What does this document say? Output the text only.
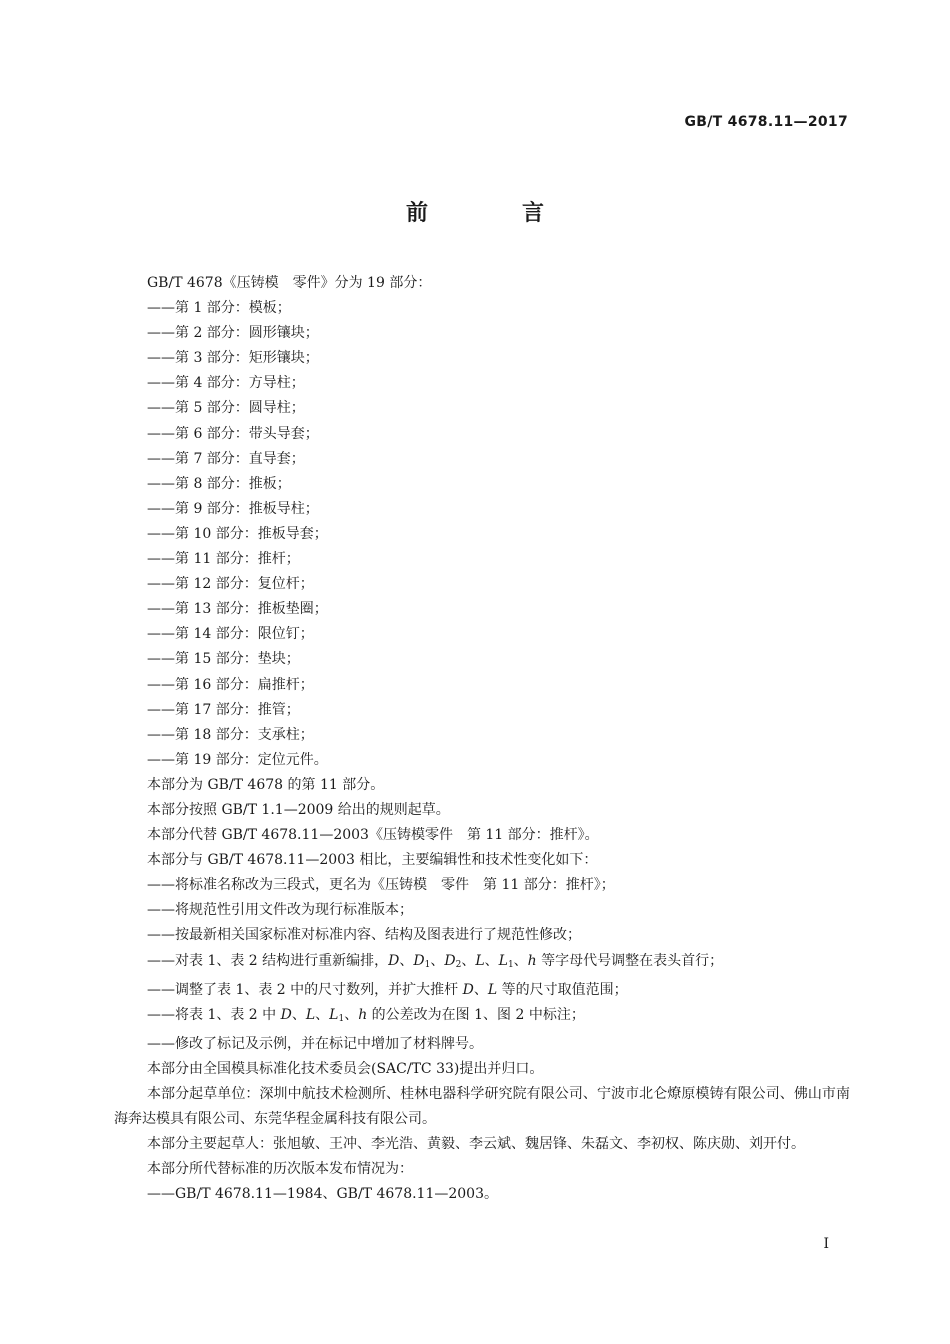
GB/T 4678.11—2017
前　言
GB/T 4678《压铸模　零件》分为 19 部分：
——第 1 部分：模板；
——第 2 部分：圆形镶块；
——第 3 部分：矩形镶块；
——第 4 部分：方导柱；
——第 5 部分：圆导柱；
——第 6 部分：带头导套；
——第 7 部分：直导套；
——第 8 部分：推板；
——第 9 部分：推板导柱；
——第 10 部分：推板导套；
——第 11 部分：推杆；
——第 12 部分：复位杆；
——第 13 部分：推板垫圈；
——第 14 部分：限位钉；
——第 15 部分：垫块；
——第 16 部分：扁推杆；
——第 17 部分：推管；
——第 18 部分：支承柱；
——第 19 部分：定位元件。
本部分为 GB/T 4678 的第 11 部分。
本部分按照 GB/T 1.1—2009 给出的规则起草。
本部分代替 GB/T 4678.11—2003《压铸模零件　第 11 部分：推杆》。
本部分与 GB/T 4678.11—2003 相比，主要编辑性和技术性变化如下：
——将标准名称改为三段式，更名为《压铸模　零件　第 11 部分：推杆》；
——将规范性引用文件改为现行标准版本；
——按最新相关国家标准对标准内容、结构及图表进行了规范性修改；
——对表 1、表 2 结构进行重新编排，D、$D_1$、$D_2$、L、$L_1$、h 等字母代号调整在表头首行；
——调整了表 1、表 2 中的尺寸数列，并扩大推杆 D、L 等的尺寸取值范围；
——将表 1、表 2 中 D、L、$L_1$、h 的公差改为在图 1、图 2 中标注；
——修改了标记及示例，并在标记中增加了材料牌号。
本部分由全国模具标准化技术委员会(SAC/TC 33)提出并归口。
本部分起草单位：深圳中航技术检测所、桂林电器科学研究院有限公司、宁波市北仑燎原模铸有限公司、佛山市南海奔达模具有限公司、东莞华程金属科技有限公司。
本部分主要起草人：张旭敏、王冲、李光浩、黄毅、李云斌、魏居锋、朱磊文、李初权、陈庆勋、刘开付。
本部分所代替标准的历次版本发布情况为：
——GB/T 4678.11—1984、GB/T 4678.11—2003。
I
